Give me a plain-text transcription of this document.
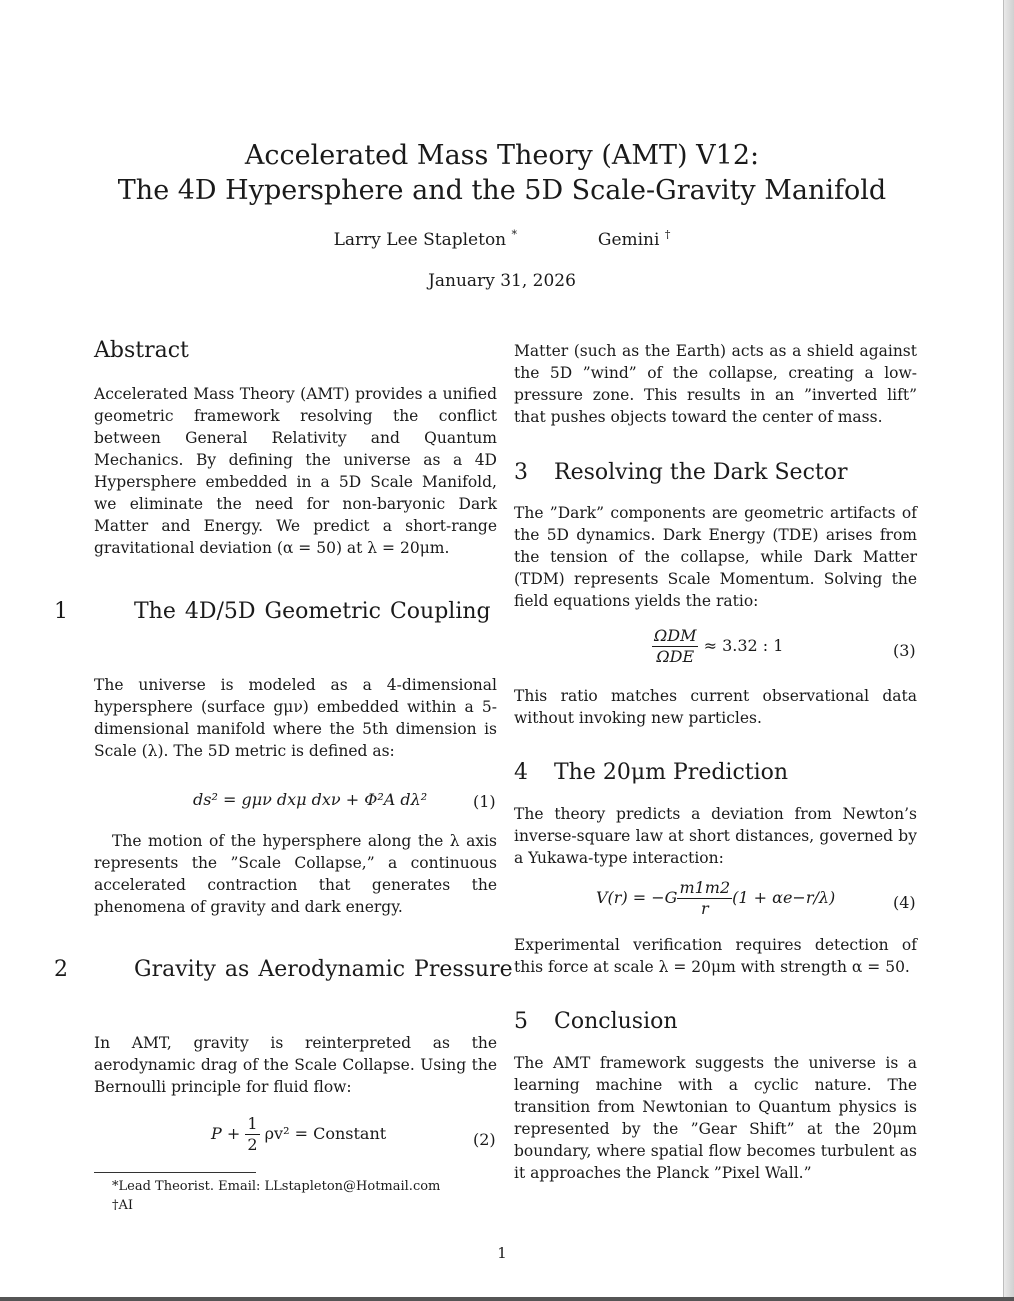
Accelerated Mass Theory (AMT) V12:
The 4D Hypersphere and the 5D Scale-Gravity Manifold
Larry Lee Stapleton *	Gemini †
January 31, 2026
Abstract
Accelerated Mass Theory (AMT) provides a unified geometric framework resolving the conflict between General Relativity and Quantum Mechanics. By defining the universe as a 4D Hypersphere embedded in a 5D Scale Manifold, we eliminate the need for non-baryonic Dark Matter and Energy. We predict a short-range gravitational deviation (α = 50) at λ = 20μm.
1	The 4D/5D Geometric Coupling
The universe is modeled as a 4-dimensional hypersphere (surface gμν) embedded within a 5-dimensional manifold where the 5th dimension is Scale (λ). The 5D metric is defined as:
ds² = gμν dxμ dxν + Φ²A dλ²	(1)
The motion of the hypersphere along the λ axis represents the ”Scale Collapse,” a continuous accelerated contraction that generates the phenomena of gravity and dark energy.
2	Gravity as Aerodynamic Pressure
In AMT, gravity is reinterpreted as the aerodynamic drag of the Scale Collapse. Using the Bernoulli principle for fluid flow:
$P + \frac{1}{2} \rho v^2$ = Constant	(2)
*Lead Theorist. Email: LLstapleton@Hotmail.com
†AI
Matter (such as the Earth) acts as a shield against the 5D ”wind” of the collapse, creating a low-pressure zone. This results in an ”inverted lift” that pushes objects toward the center of mass.
3 Resolving the Dark Sector
The ”Dark” components are geometric artifacts of the 5D dynamics. Dark Energy (TDE) arises from the tension of the collapse, while Dark Matter (TDM) represents Scale Momentum. Solving the field equations yields the ratio:
$\frac{\text{ΩDM}}{\text{ΩDE}} \approx 3.32$ : 1	(3)
This ratio matches current observational data without invoking new particles.
4 The 20μm Prediction
The theory predicts a deviation from Newton’s inverse-square law at short distances, governed by a Yukawa-type interaction:
$V(r) = -G \frac{m1m2}{r} (1 + \alpha e-r/\lambda)$	(4)
Experimental verification requires detection of this force at scale λ = 20μm with strength α = 50.
5 Conclusion
The AMT framework suggests the universe is a learning machine with a cyclic nature. The transition from Newtonian to Quantum physics is represented by the ”Gear Shift” at the 20μm boundary, where spatial flow becomes turbulent as it approaches the Planck ”Pixel Wall.”
1
